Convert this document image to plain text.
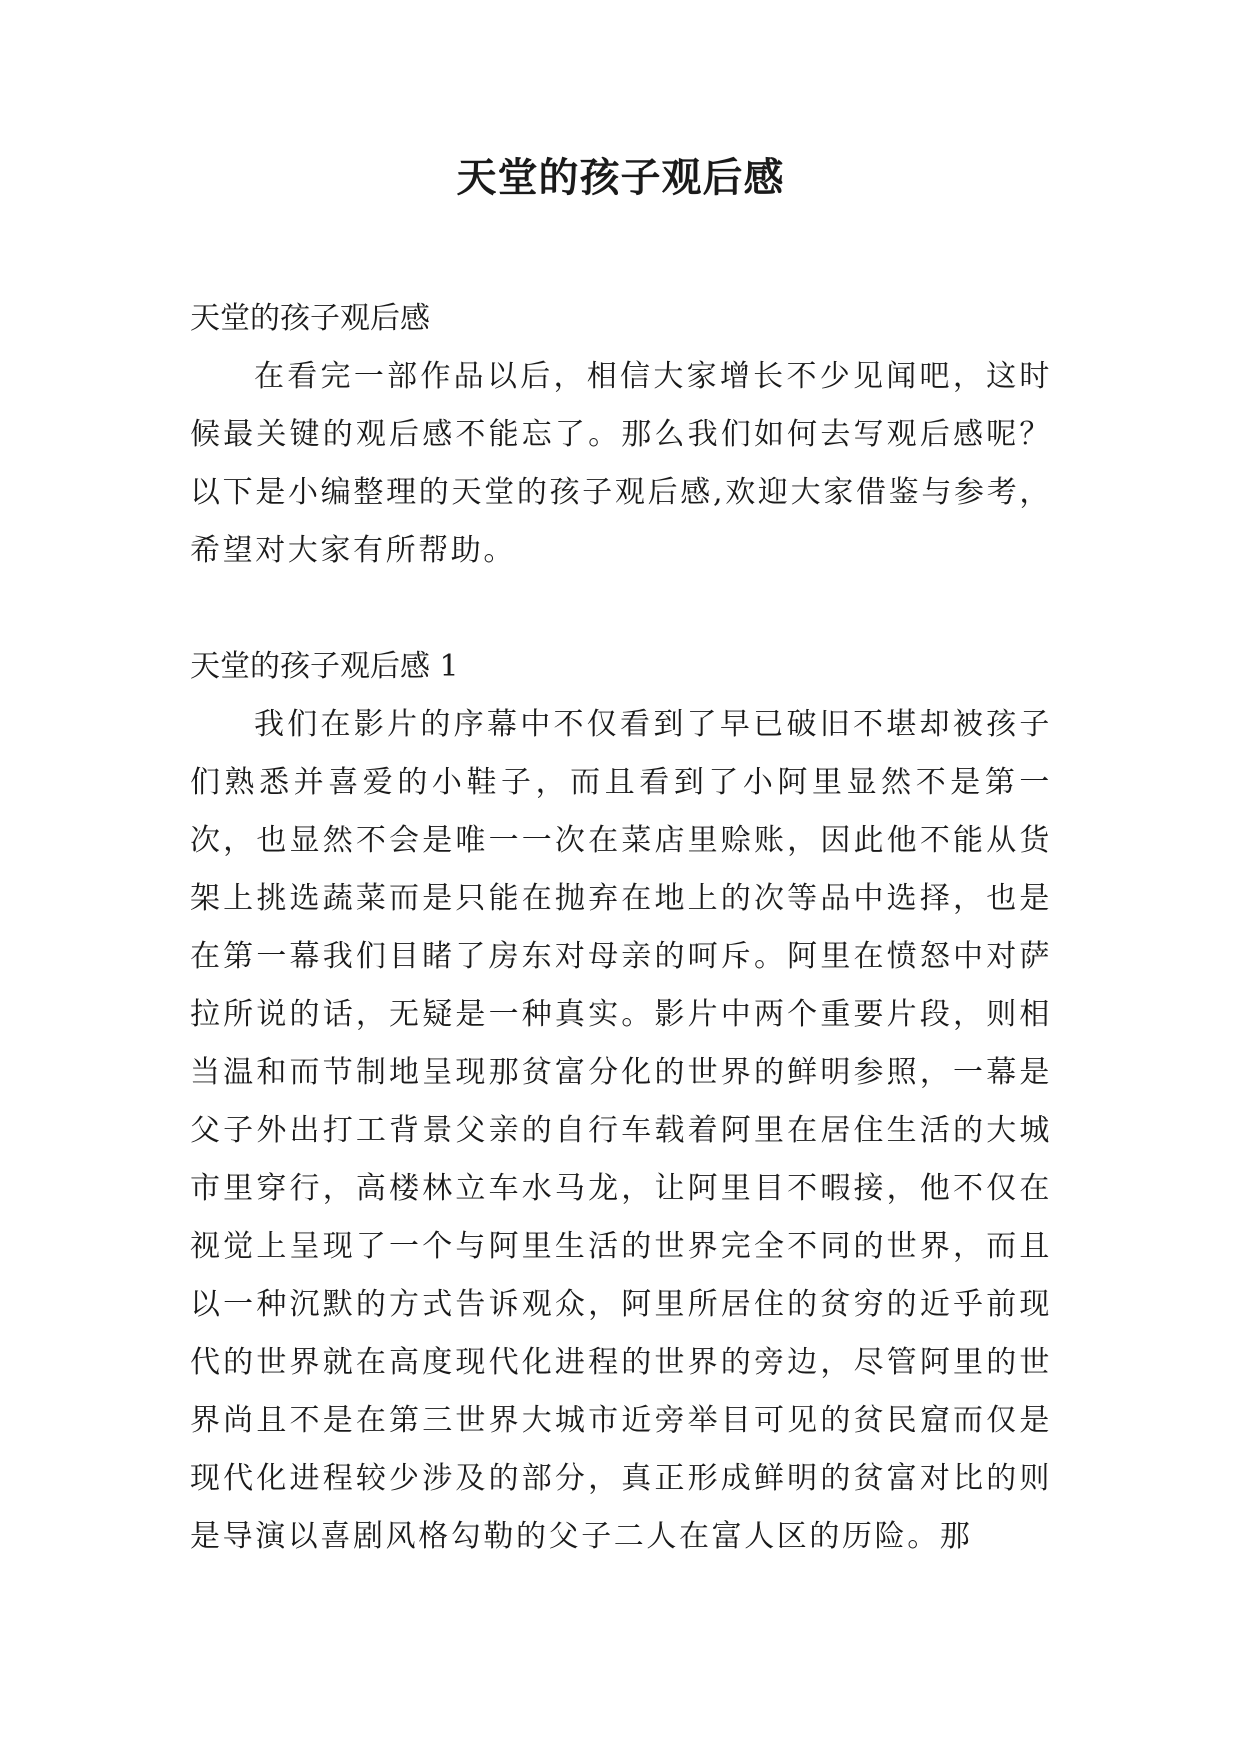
天堂的孩子观后感

天堂的孩子观后感

在看完一部作品以后，相信大家增长不少见闻吧，这时候最关键的观后感不能忘了。那么我们如何去写观后感呢？以下是小编整理的天堂的孩子观后感,欢迎大家借鉴与参考，希望对大家有所帮助。

天堂的孩子观后感 1

我们在影片的序幕中不仅看到了早已破旧不堪却被孩子们熟悉并喜爱的小鞋子，而且看到了小阿里显然不是第一次，也显然不会是唯一一次在菜店里赊账，因此他不能从货架上挑选蔬菜而是只能在抛弃在地上的次等品中选择，也是在第一幕我们目睹了房东对母亲的呵斥。阿里在愤怒中对萨拉所说的话，无疑是一种真实。影片中两个重要片段，则相当温和而节制地呈现那贫富分化的世界的鲜明参照，一幕是父子外出打工背景父亲的自行车载着阿里在居住生活的大城市里穿行，高楼林立车水马龙，让阿里目不暇接，他不仅在视觉上呈现了一个与阿里生活的世界完全不同的世界，而且以一种沉默的方式告诉观众，阿里所居住的贫穷的近乎前现代的世界就在高度现代化进程的世界的旁边，尽管阿里的世界尚且不是在第三世界大城市近旁举目可见的贫民窟而仅是现代化进程较少涉及的部分，真正形成鲜明的贫富对比的则是导演以喜剧风格勾勒的父子二人在富人区的历险。那
